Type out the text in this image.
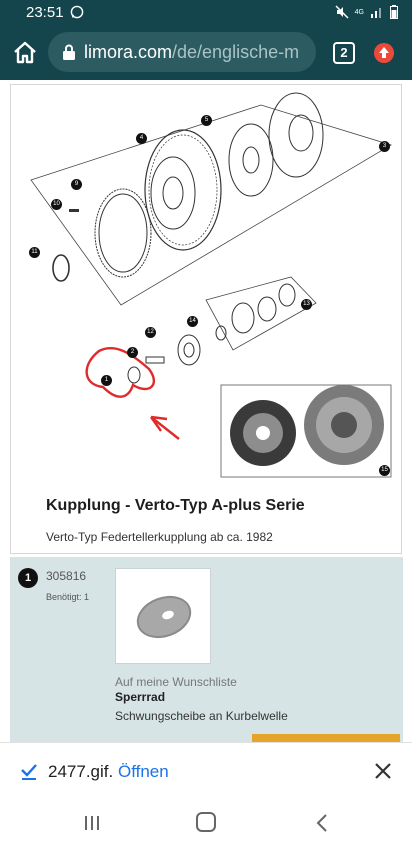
23:51	4G
limora.com/de/englische-m	2
1
2
3
4
5
9
10
11
12
13
14
15
Kupplung - Verto-Typ A-plus Serie

Verto-Typ Federtellerkupplung ab ca. 1982

1	305816
Benötigt: 1
Auf meine Wunschliste
Sperrrad
Schwungscheibe an Kurbelwelle
2477.gif. Öffnen
